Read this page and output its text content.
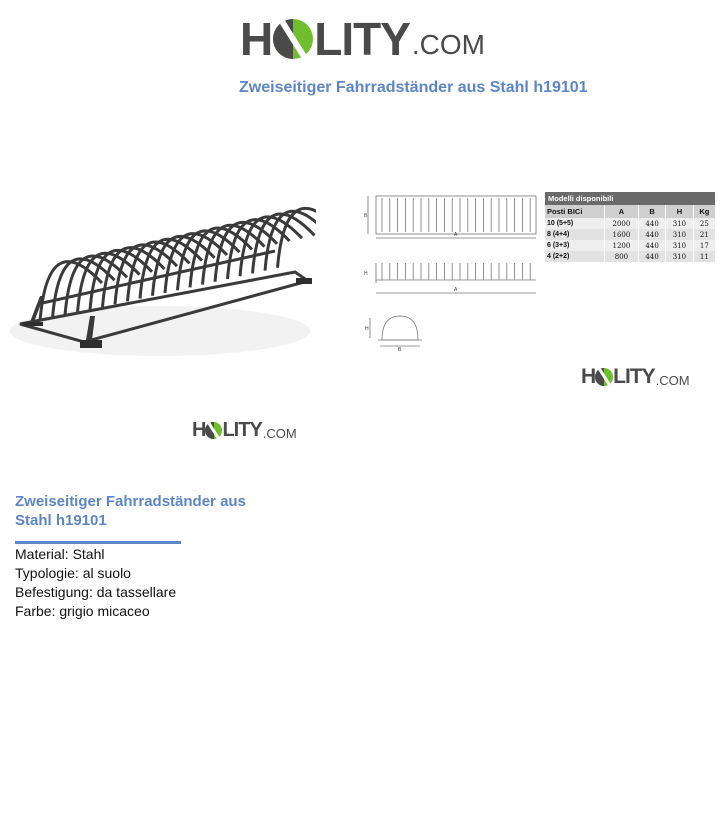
H LITY .COM
Zweiseitiger Fahrradständer aus Stahl h19101
A
B
A
H
H
B
Modelli disponibili				
Posti BICi	A	B	H	Kg
10 (5+5)	2000	440	310	25
8 (4+4)	1600	440	310	21
6 (3+3)	1200	440	310	17
4 (2+2)	800	440	310	11
H LITY .COM
H LITY .COM
Zweiseitiger Fahrradständer aus Stahl h19101
Material: Stahl
Typologie: al suolo
Befestigung: da tassellare
Farbe: grigio micaceo
